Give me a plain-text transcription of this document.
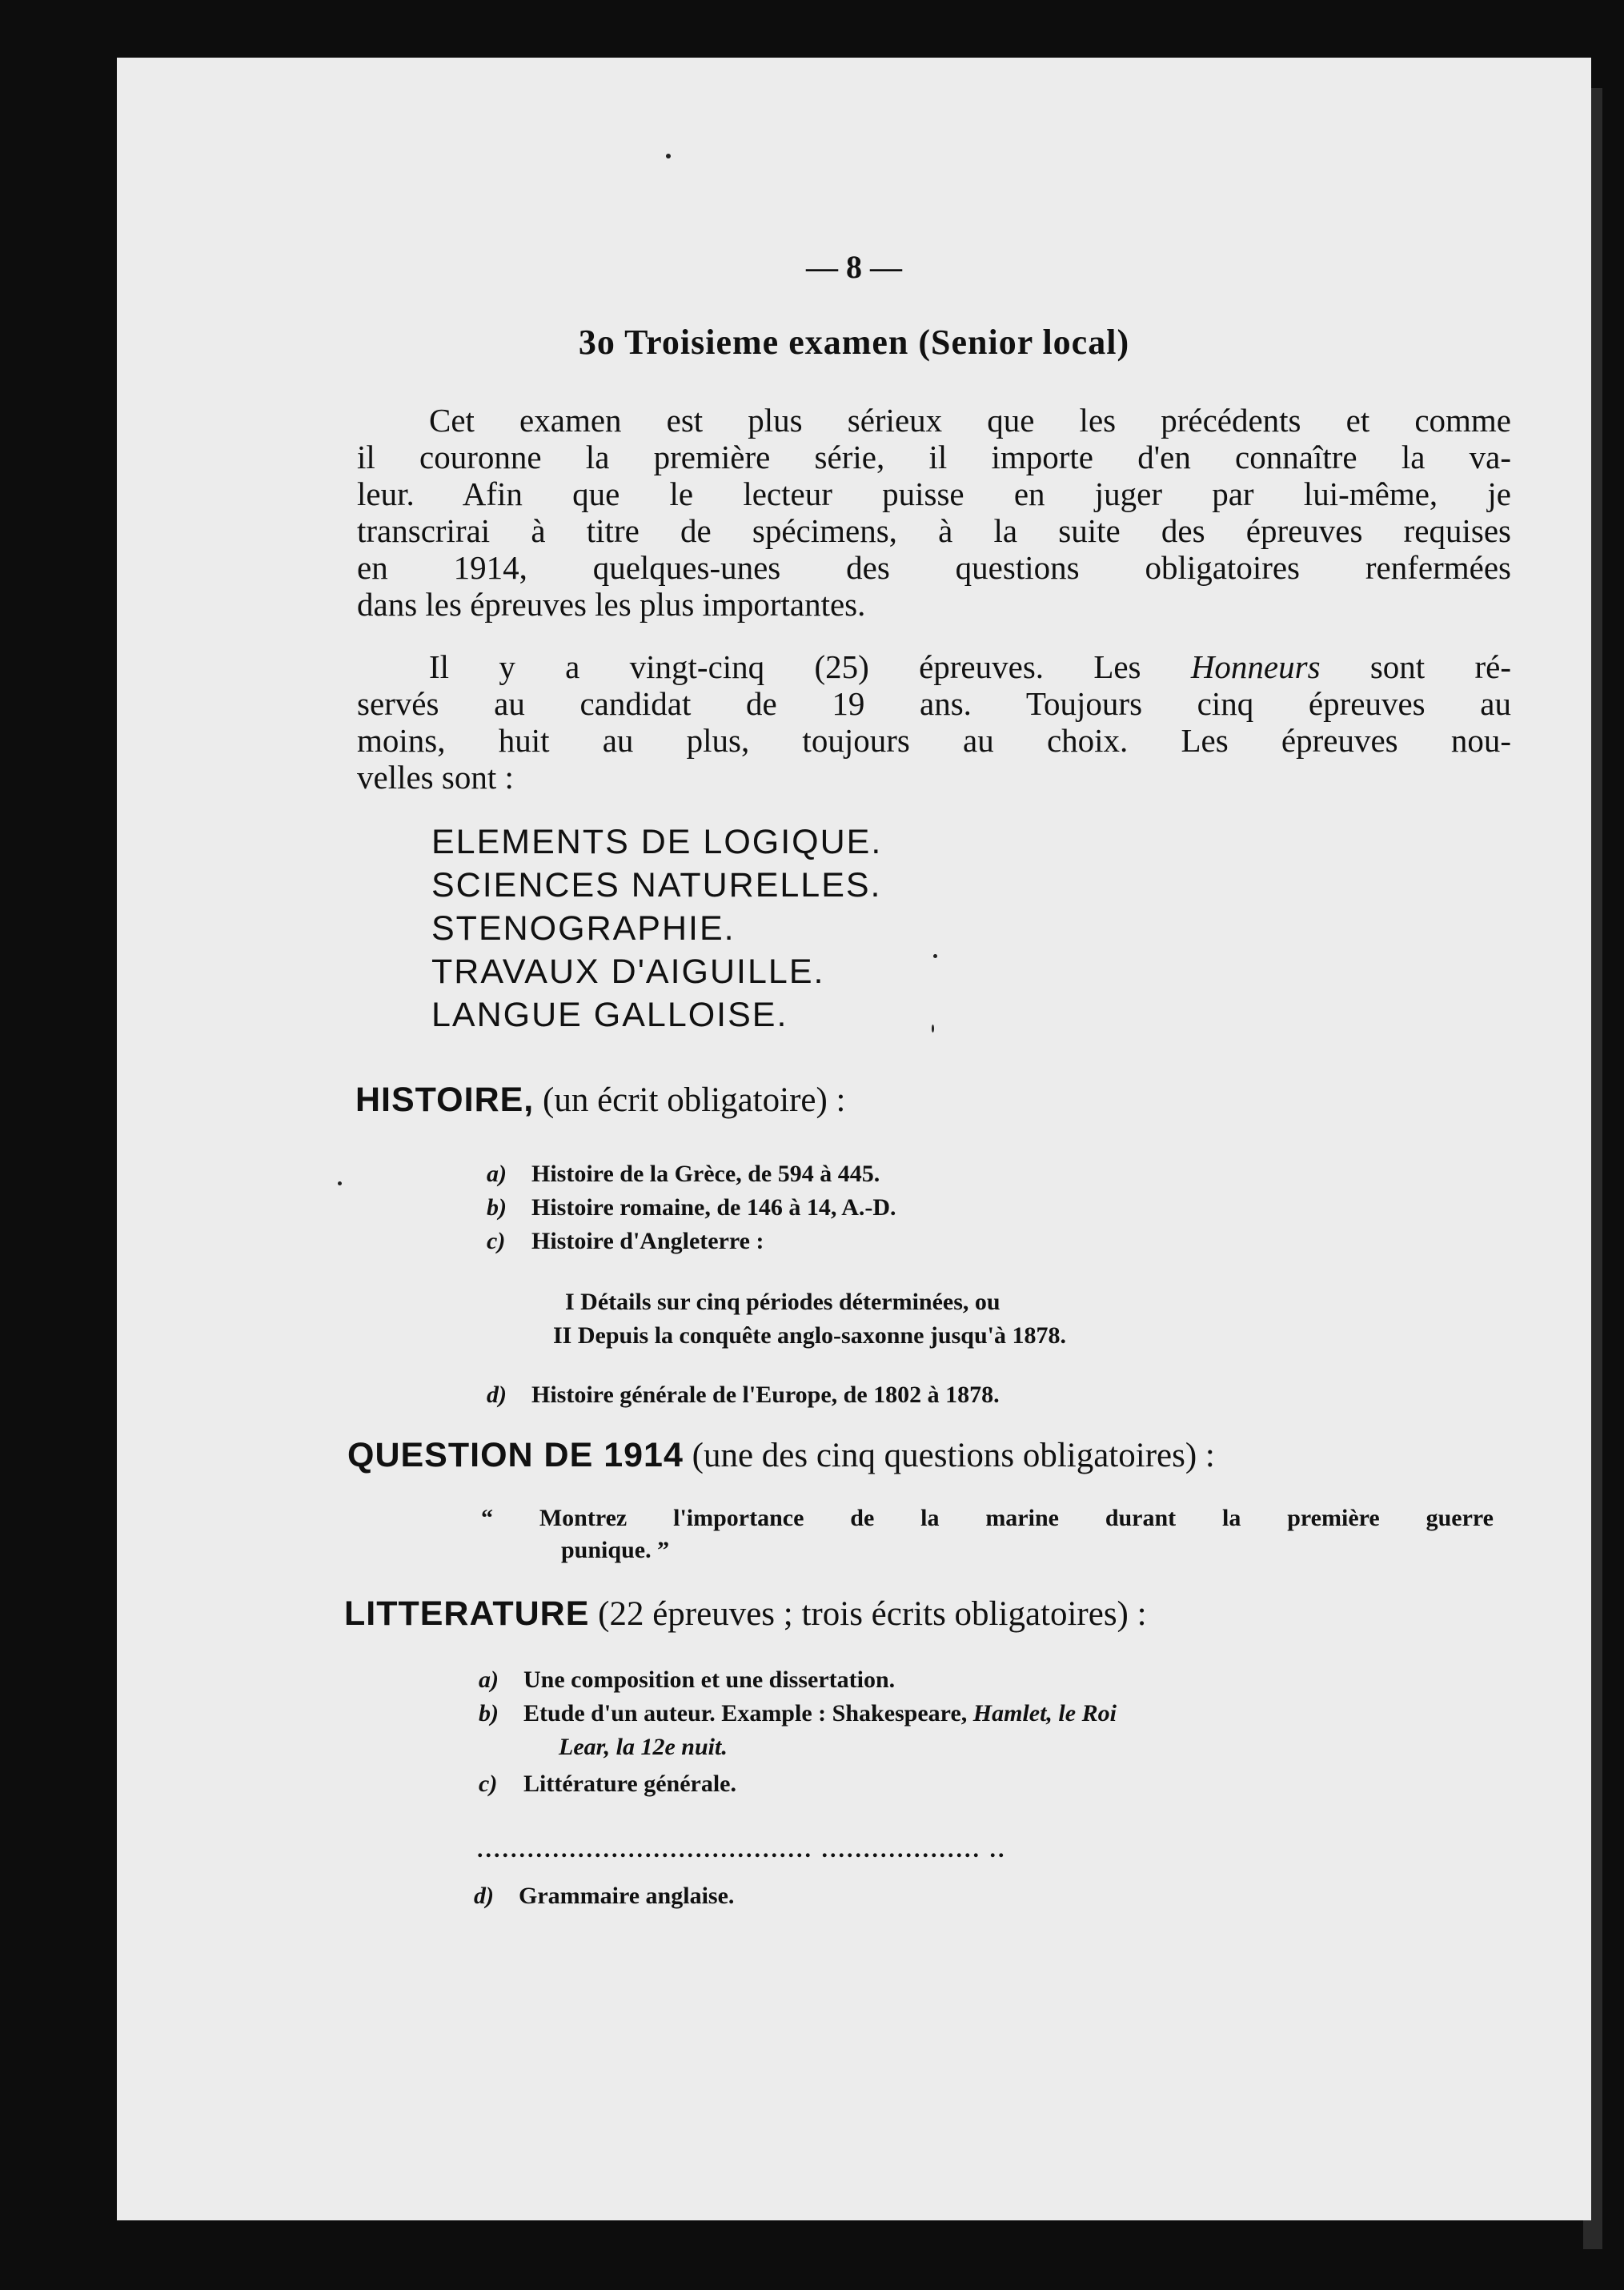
— 8 —
3o Troisieme examen (Senior local)
Cet examen est plus sérieux que les précédents et comme
il couronne la première série, il importe d'en connaître la va-
leur. Afin que le lecteur puisse en juger par lui-même, je
transcrirai à titre de spécimens, à la suite des épreuves requises
en 1914, quelques-unes des questions obligatoires renfermées
dans les épreuves les plus importantes.
Il y a vingt-cinq (25) épreuves. Les Honneurs sont ré-
servés au candidat de 19 ans. Toujours cinq épreuves au
moins, huit au plus, toujours au choix. Les épreuves nou-
velles sont :
ELEMENTS DE LOGIQUE.
SCIENCES NATURELLES.
STENOGRAPHIE.
TRAVAUX D'AIGUILLE.
LANGUE GALLOISE.
HISTOIRE, (un écrit obligatoire) :
a) Histoire de la Grèce, de 594 à 445.
b) Histoire romaine, de 146 à 14, A.-D.
c) Histoire d'Angleterre :
I Détails sur cinq périodes déterminées, ou
II Depuis la conquête anglo-saxonne jusqu'à 1878.
d) Histoire générale de l'Europe, de 1802 à 1878.
QUESTION DE 1914 (une des cinq questions obligatoires) :
“ Montrez l'importance de la marine durant la première guerre
punique. ”
LITTERATURE (22 épreuves ; trois écrits obligatoires) :
a) Une composition et une dissertation.
b) Etude d'un auteur. Example : Shakespeare, Hamlet, le Roi
Lear, la 12e nuit.
c) Littérature générale.
........................................ ................... ..
d) Grammaire anglaise.
